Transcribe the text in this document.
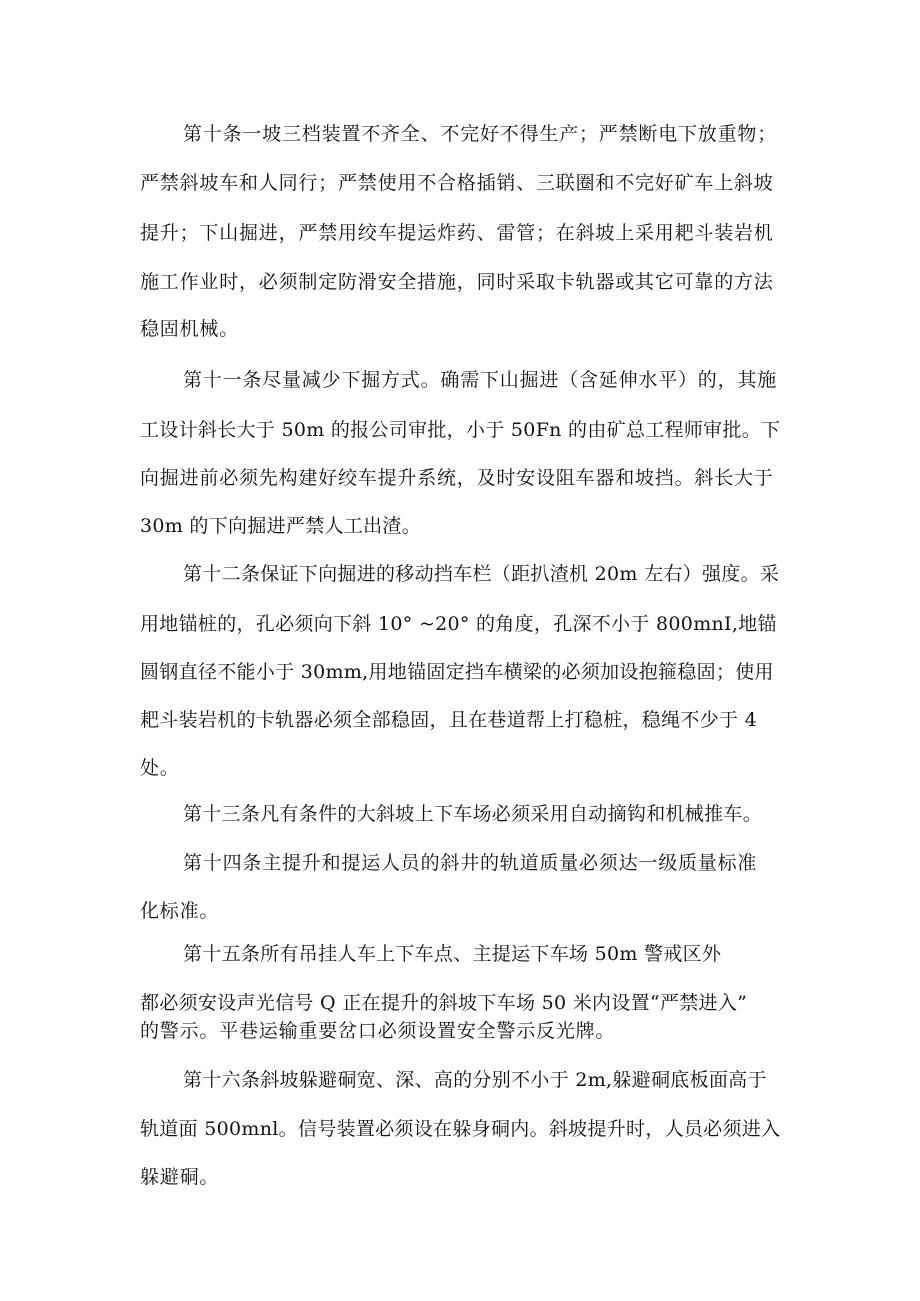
第十条一坡三档装置不齐全、不完好不得生产；严禁断电下放重物；
严禁斜坡车和人同行；严禁使用不合格插销、三联圈和不完好矿车上斜坡
提升；下山掘进，严禁用绞车提运炸药、雷管；在斜坡上采用耙斗装岩机
施工作业时，必须制定防滑安全措施，同时采取卡轨器或其它可靠的方法
稳固机械。
第十一条尽量减少下掘方式。确需下山掘进（含延伸水平）的，其施
工设计斜长大于 50m 的报公司审批，小于 50Fn 的由矿总工程师审批。下
向掘进前必须先构建好绞车提升系统，及时安设阻车器和坡挡。斜长大于
30m 的下向掘进严禁人工出渣。
第十二条保证下向掘进的移动挡车栏（距扒渣机 20m 左右）强度。采
用地锚桩的，孔必须向下斜 10° ~20° 的角度，孔深不小于 800mnI,地锚
圆钢直径不能小于 30mm,用地锚固定挡车横梁的必须加设抱箍稳固；使用
耙斗装岩机的卡轨器必须全部稳固，且在巷道帮上打稳桩，稳绳不少于 4
处。
第十三条凡有条件的大斜坡上下车场必须采用自动摘钩和机械推车。
第十四条主提升和提运人员的斜井的轨道质量必须达一级质量标准
化标准。
第十五条所有吊挂人车上下车点、主提运下车场 50m 警戒区外
都必须安设声光信号 Q 正在提升的斜坡下车场 50 米内设置“严禁进入”
的警示。平巷运输重要岔口必须设置安全警示反光牌。
第十六条斜坡躲避硐宽、深、高的分别不小于 2m,躲避硐底板面高于
轨道面 500mnl。信号装置必须设在躲身硐内。斜坡提升时，人员必须进入
躲避硐。
